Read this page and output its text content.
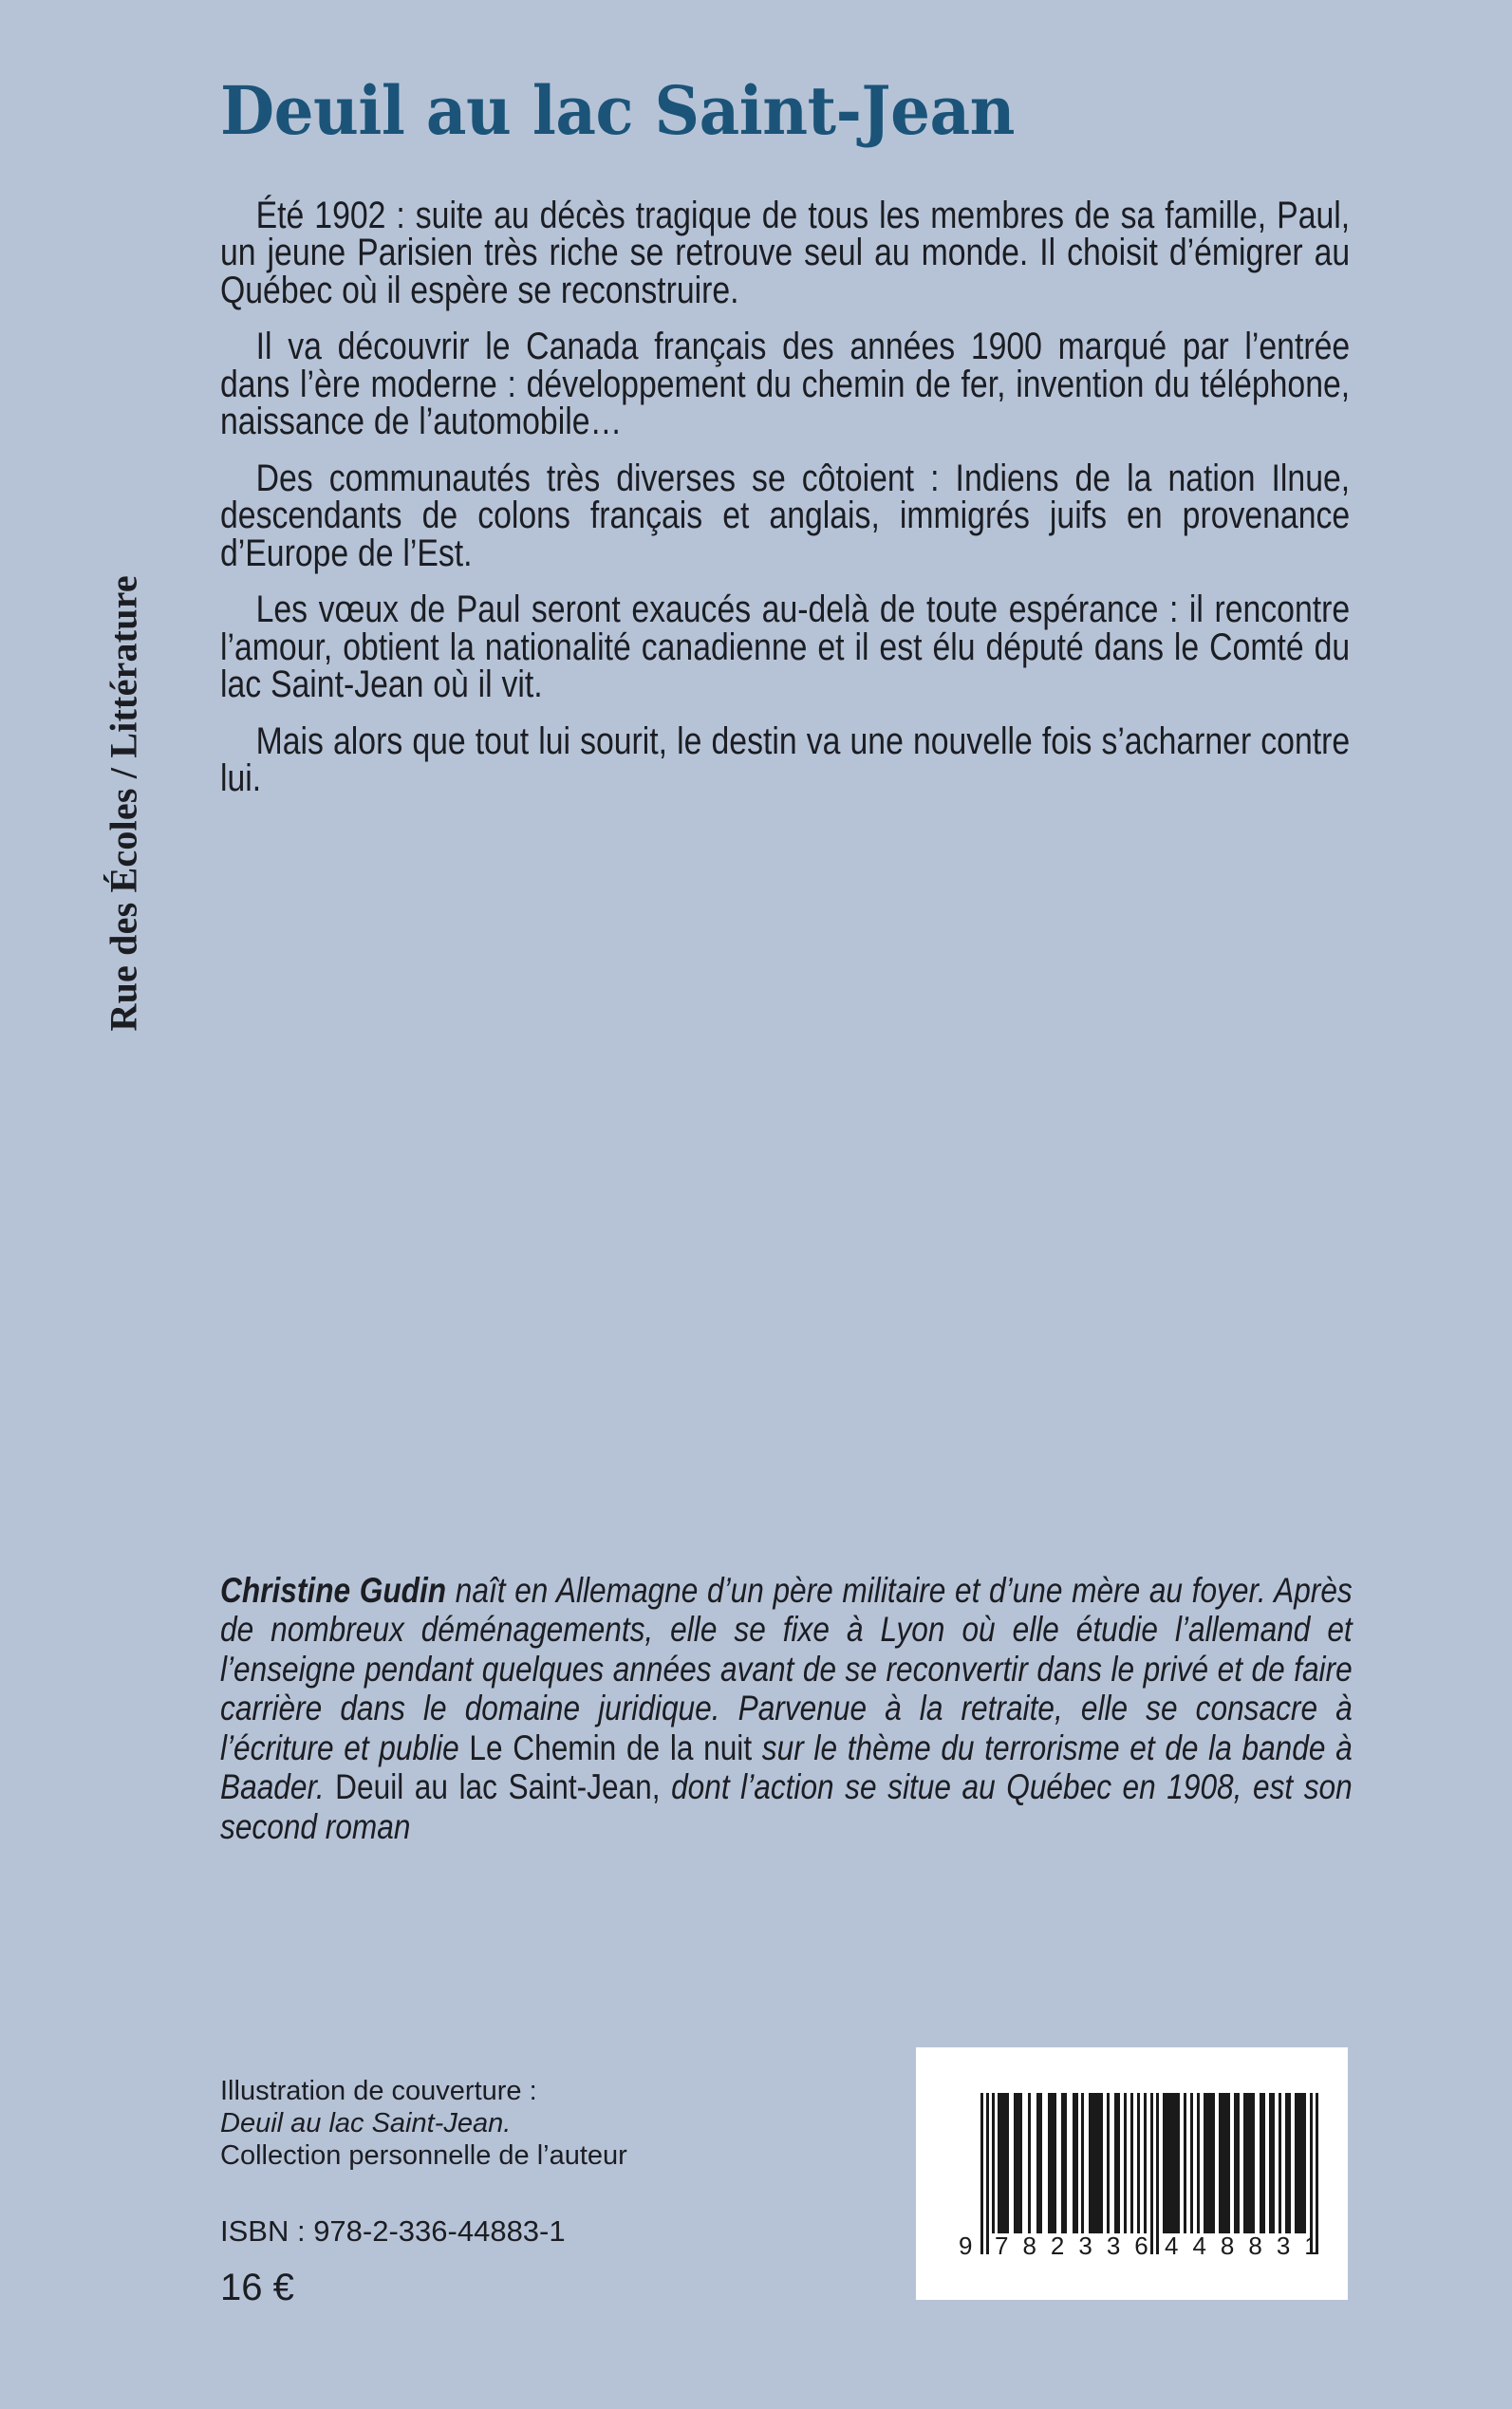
Rue des Écoles / Littérature
Deuil au lac Saint-Jean

Été 1902 : suite au décès tragique de tous les membres de sa famille, Paul, un jeune Parisien très riche se retrouve seul au monde. Il choisit d’émigrer au Québec où il espère se reconstruire.

Il va découvrir le Canada français des années 1900 marqué par l’entrée dans l’ère moderne : développement du chemin de fer, invention du téléphone, naissance de l’automobile…

Des communautés très diverses se côtoient : Indiens de la nation Ilnue, descendants de colons français et anglais, immigrés juifs en provenance d’Europe de l’Est.

Les vœux de Paul seront exaucés au-delà de toute espérance : il rencontre l’amour, obtient la nationalité canadienne et il est élu député dans le Comté du lac Saint-Jean où il vit.

Mais alors que tout lui sourit, le destin va une nouvelle fois s’acharner contre lui.

Christine Gudin naît en Allemagne d’un père militaire et d’une mère au foyer. Après de nombreux déménagements, elle se fixe à Lyon où elle étudie l’allemand et l’enseigne pendant quelques années avant de se reconvertir dans le privé et de faire carrière dans le domaine juridique. Parvenue à la retraite, elle se consacre à l’écriture et publie Le Chemin de la nuit sur le thème du terrorisme et de la bande à Baader. Deuil au lac Saint-Jean, dont l’action se situe au Québec en 1908, est son second roman
Illustration de couverture :
Deuil au lac Saint-Jean.
Collection personnelle de l’auteur
ISBN : 978-2-336-44883-1
16 €
9 782336 448831
